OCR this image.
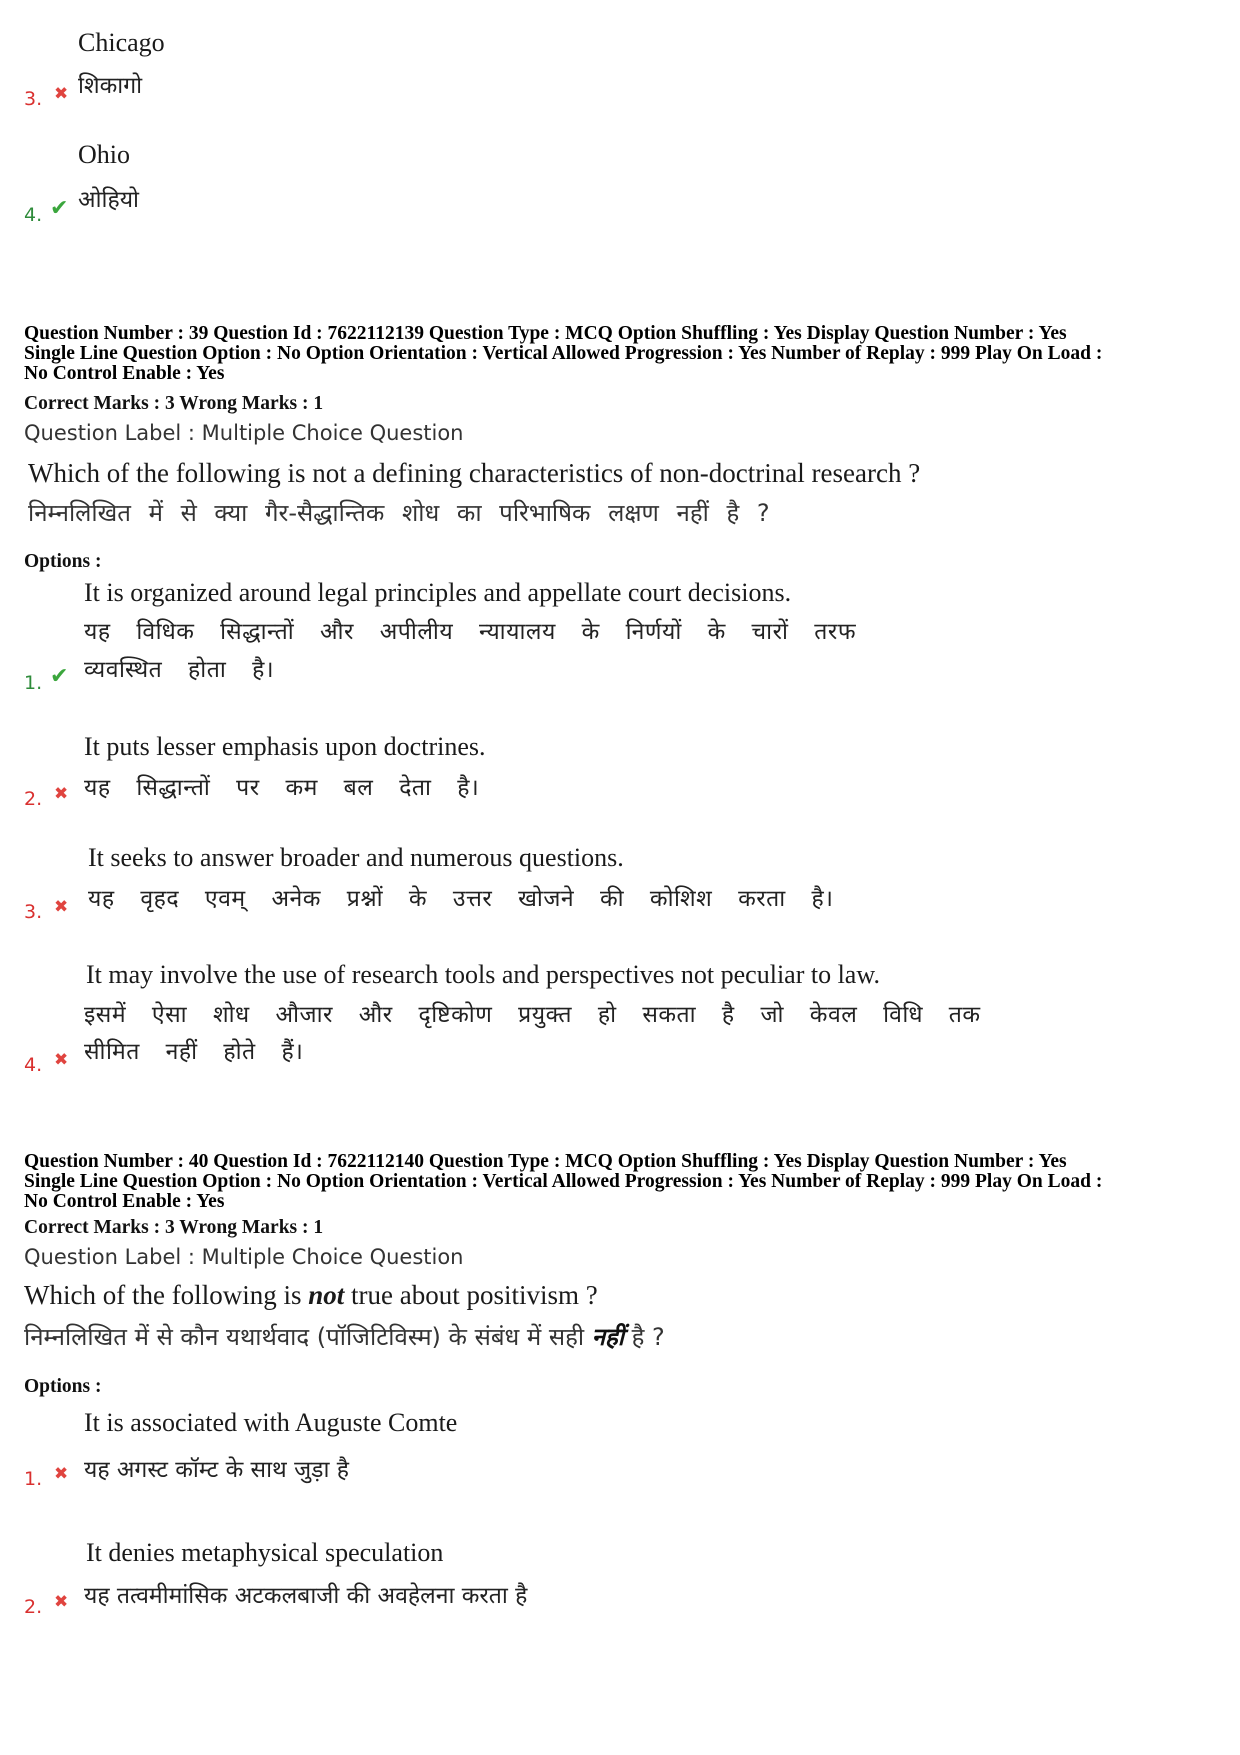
Chicago
शिकागो
3. ✖
Ohio
ओहियो
4. ✔
Question Number : 39 Question Id : 7622112139 Question Type : MCQ Option Shuffling : Yes Display Question Number : Yes
Single Line Question Option : No Option Orientation : Vertical Allowed Progression : Yes Number of Replay : 999 Play On Load :
No Control Enable : Yes
Correct Marks : 3 Wrong Marks : 1
Question Label : Multiple Choice Question
Which of the following is not a defining characteristics of non-doctrinal research ?
निम्नलिखित में से क्या गैर-सैद्धान्तिक शोध का परिभाषिक लक्षण नहीं है ?
Options :
It is organized around legal principles and appellate court decisions.
यह विधिक सिद्धान्तों और अपीलीय न्यायालय के निर्णयों के चारों तरफ
व्यवस्थित होता है।
1. ✔
It puts lesser emphasis upon doctrines.
यह सिद्धान्तों पर कम बल देता है।
2. ✖
It seeks to answer broader and numerous questions.
यह वृहद एवम् अनेक प्रश्नों के उत्तर खोजने की कोशिश करता है।
3. ✖
It may involve the use of research tools and perspectives not peculiar to law.
इसमें ऐसा शोध औजार और दृष्टिकोण प्रयुक्त हो सकता है जो केवल विधि तक
सीमित नहीं होते हैं।
4. ✖
Question Number : 40 Question Id : 7622112140 Question Type : MCQ Option Shuffling : Yes Display Question Number : Yes
Single Line Question Option : No Option Orientation : Vertical Allowed Progression : Yes Number of Replay : 999 Play On Load :
No Control Enable : Yes
Correct Marks : 3 Wrong Marks : 1
Question Label : Multiple Choice Question
Which of the following is not true about positivism ?
निम्नलिखित में से कौन यथार्थवाद (पॉजिटिविस्म) के संबंध में सही नहीं है ?
Options :
It is associated with Auguste Comte
यह अगस्ट कॉम्ट के साथ जुड़ा है
1. ✖
It denies metaphysical speculation
यह तत्वमीमांसिक अटकलबाजी की अवहेलना करता है
2. ✖
